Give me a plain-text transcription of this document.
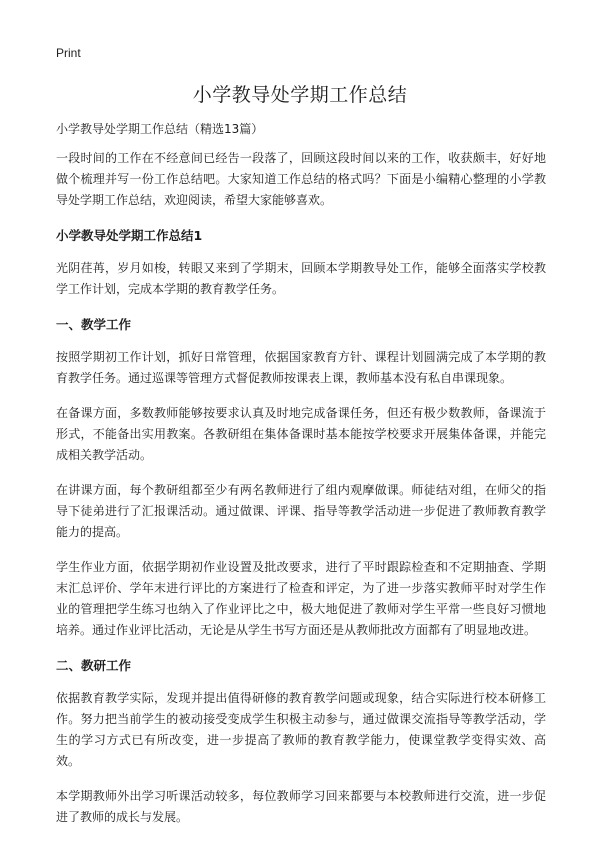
Print
小学教导处学期工作总结
小学教导处学期工作总结（精选13篇）

一段时间的工作在不经意间已经告一段落了，回顾这段时间以来的工作，收获颇丰，好好地做个梳理并写一份工作总结吧。大家知道工作总结的格式吗？下面是小编精心整理的小学教导处学期工作总结，欢迎阅读，希望大家能够喜欢。

小学教导处学期工作总结1

光阴荏苒，岁月如梭，转眼又来到了学期末，回顾本学期教导处工作，能够全面落实学校教学工作计划，完成本学期的教育教学任务。

一、教学工作

按照学期初工作计划，抓好日常管理，依据国家教育方针、课程计划圆满完成了本学期的教育教学任务。通过巡课等管理方式督促教师按课表上课，教师基本没有私自串课现象。

在备课方面，多数教师能够按要求认真及时地完成备课任务，但还有极少数教师，备课流于形式，不能备出实用教案。各教研组在集体备课时基本能按学校要求开展集体备课，并能完成相关教学活动。

在讲课方面，每个教研组都至少有两名教师进行了组内观摩做课。师徒结对组，在师父的指导下徒弟进行了汇报课活动。通过做课、评课、指导等教学活动进一步促进了教师教育教学能力的提高。

学生作业方面，依据学期初作业设置及批改要求，进行了平时跟踪检查和不定期抽查、学期末汇总评价、学年末进行评比的方案进行了检查和评定，为了进一步落实教师平时对学生作业的管理把学生练习也纳入了作业评比之中，极大地促进了教师对学生平常一些良好习惯地培养。通过作业评比活动，无论是从学生书写方面还是从教师批改方面都有了明显地改进。

二、教研工作

依据教育教学实际，发现并提出值得研修的教育教学问题或现象，结合实际进行校本研修工作。努力把当前学生的被动接受变成学生积极主动参与，通过做课交流指导等教学活动，学生的学习方式已有所改变，进一步提高了教师的教育教学能力，使课堂教学变得实效、高效。

本学期教师外出学习听课活动较多，每位教师学习回来都要与本校教师进行交流，进一步促进了教师的成长与发展。
